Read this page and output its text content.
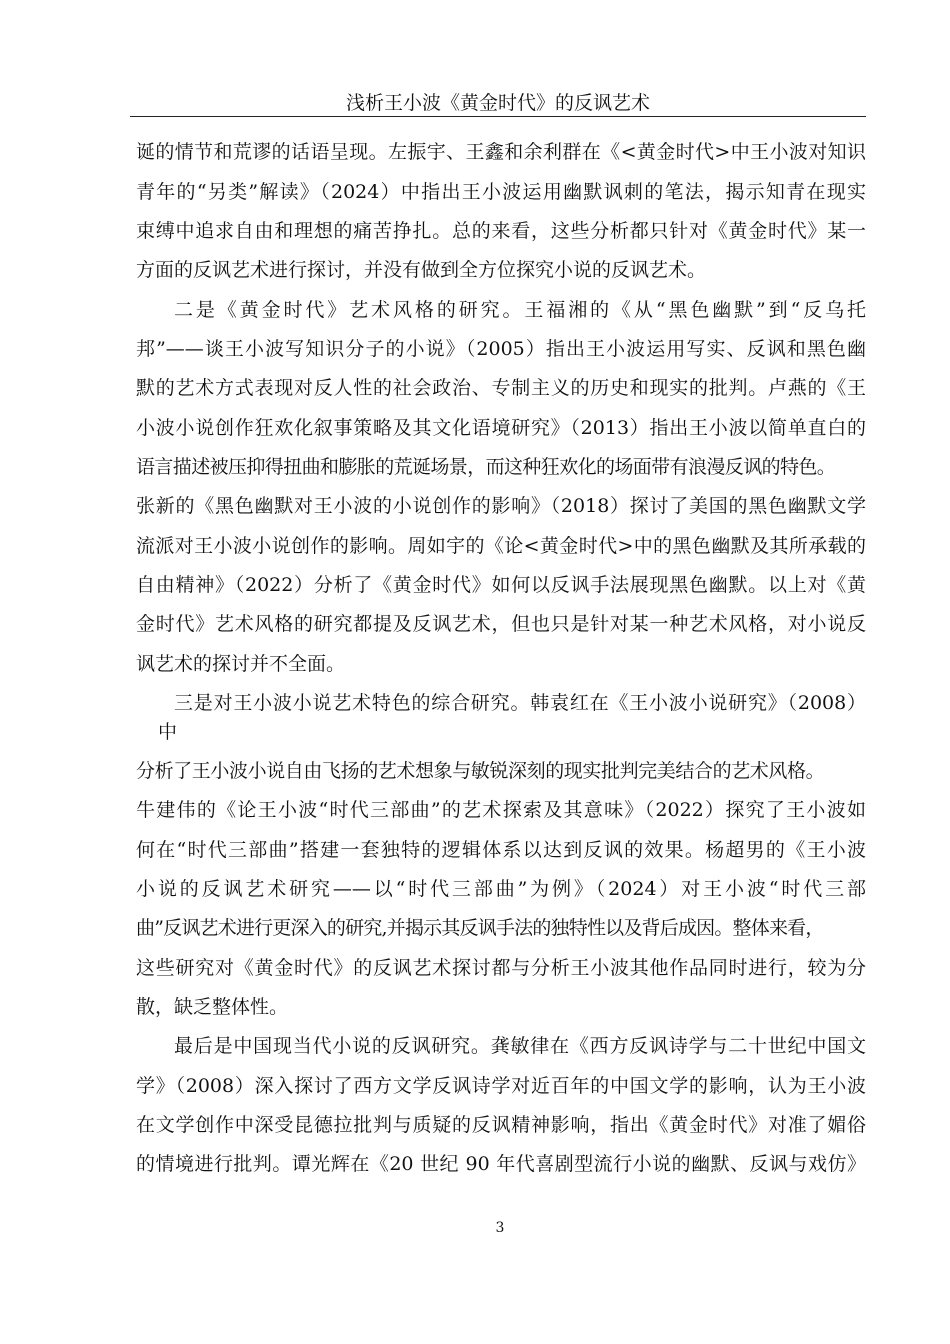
浅析王小波《黄金时代》的反讽艺术
诞的情节和荒谬的话语呈现。左振宇、王鑫和余利群在《<黄金时代>中王小波对知识
青年的“另类”解读》（2024）中指出王小波运用幽默讽刺的笔法，揭示知青在现实
束缚中追求自由和理想的痛苦挣扎。总的来看，这些分析都只针对《黄金时代》某一
方面的反讽艺术进行探讨，并没有做到全方位探究小说的反讽艺术。
二是《黄金时代》艺术风格的研究。王福湘的《从“黑色幽默”到“反乌托
邦”——谈王小波写知识分子的小说》（2005）指出王小波运用写实、反讽和黑色幽
默的艺术方式表现对反人性的社会政治、专制主义的历史和现实的批判。卢燕的《王
小波小说创作狂欢化叙事策略及其文化语境研究》（2013）指出王小波以简单直白的
语言描述被压抑得扭曲和膨胀的荒诞场景，而这种狂欢化的场面带有浪漫反讽的特色。
张新的《黑色幽默对王小波的小说创作的影响》（2018）探讨了美国的黑色幽默文学
流派对王小波小说创作的影响。周如宇的《论<黄金时代>中的黑色幽默及其所承载的
自由精神》（2022）分析了《黄金时代》如何以反讽手法展现黑色幽默。以上对《黄
金时代》艺术风格的研究都提及反讽艺术，但也只是针对某一种艺术风格，对小说反
讽艺术的探讨并不全面。
三是对王小波小说艺术特色的综合研究。韩袁红在《王小波小说研究》（2008）
中
分析了王小波小说自由飞扬的艺术想象与敏锐深刻的现实批判完美结合的艺术风格。
牛建伟的《论王小波“时代三部曲”的艺术探索及其意味》（2022）探究了王小波如
何在“时代三部曲”搭建一套独特的逻辑体系以达到反讽的效果。杨超男的《王小波
小说的反讽艺术研究——以“时代三部曲”为例》（2024）对王小波“时代三部
曲”反讽艺术进行更深入的研究,并揭示其反讽手法的独特性以及背后成因。整体来看，
这些研究对《黄金时代》的反讽艺术探讨都与分析王小波其他作品同时进行，较为分
散，缺乏整体性。
最后是中国现当代小说的反讽研究。龚敏律在《西方反讽诗学与二十世纪中国文
学》（2008）深入探讨了西方文学反讽诗学对近百年的中国文学的影响，认为王小波
在文学创作中深受昆德拉批判与质疑的反讽精神影响，指出《黄金时代》对准了媚俗
的情境进行批判。谭光辉在《20 世纪 90 年代喜剧型流行小说的幽默、反讽与戏仿》
3
